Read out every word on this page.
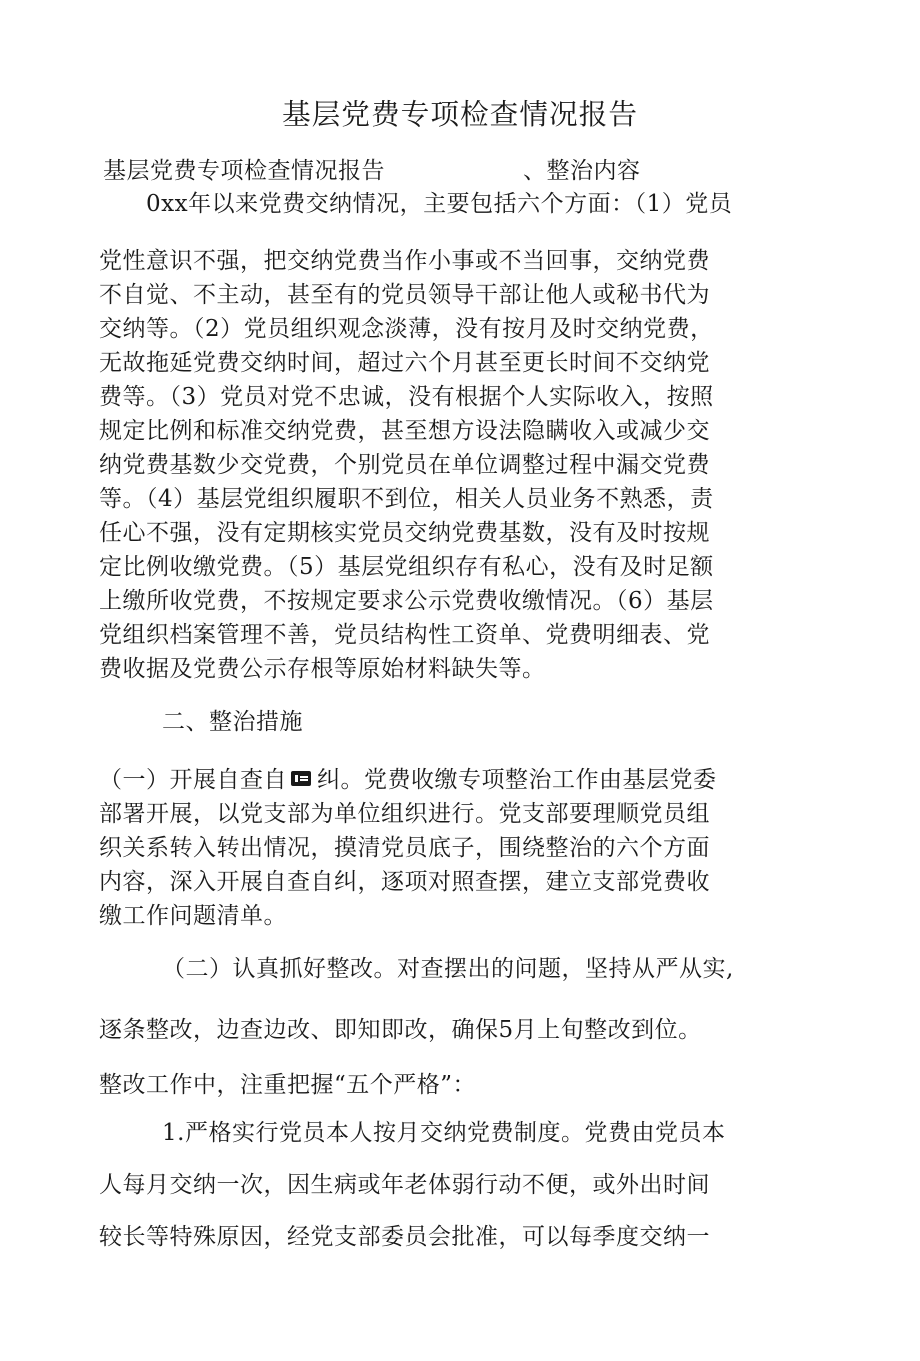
基层党费专项检查情况报告
基层党费专项检查情况报告	、整治内容
0xx年以来党费交纳情况，主要包括六个方面：（1）党员
党性意识不强，把交纳党费当作小事或不当回事，交纳党费
不自觉、不主动，甚至有的党员领导干部让他人或秘书代为
交纳等。（2）党员组织观念淡薄，没有按月及时交纳党费，
无故拖延党费交纳时间，超过六个月甚至更长时间不交纳党
费等。（3）党员对党不忠诚，没有根据个人实际收入，按照
规定比例和标准交纳党费，甚至想方设法隐瞒收入或减少交
纳党费基数少交党费，个别党员在单位调整过程中漏交党费
等。（4）基层党组织履职不到位，相关人员业务不熟悉，责
任心不强，没有定期核实党员交纳党费基数，没有及时按规
定比例收缴党费。（5）基层党组织存有私心，没有及时足额
上缴所收党费，不按规定要求公示党费收缴情况。（6）基层
党组织档案管理不善，党员结构性工资单、党费明细表、党
费收据及党费公示存根等原始材料缺失等。
二、整治措施
（一）开展自查自 纠。党费收缴专项整治工作由基层党委
部署开展，以党支部为单位组织进行。党支部要理顺党员组
织关系转入转出情况，摸清党员底子，围绕整治的六个方面
内容，深入开展自查自纠，逐项对照查摆，建立支部党费收
缴工作问题清单。
（二）认真抓好整改。对查摆出的问题，坚持从严从实,
逐条整改，边查边改、即知即改，确保5月上旬整改到位。
整改工作中，注重把握“五个严格”：
1.严格实行党员本人按月交纳党费制度。党费由党员本
人每月交纳一次，因生病或年老体弱行动不便，或外出时间
较长等特殊原因，经党支部委员会批准，可以每季度交纳一
